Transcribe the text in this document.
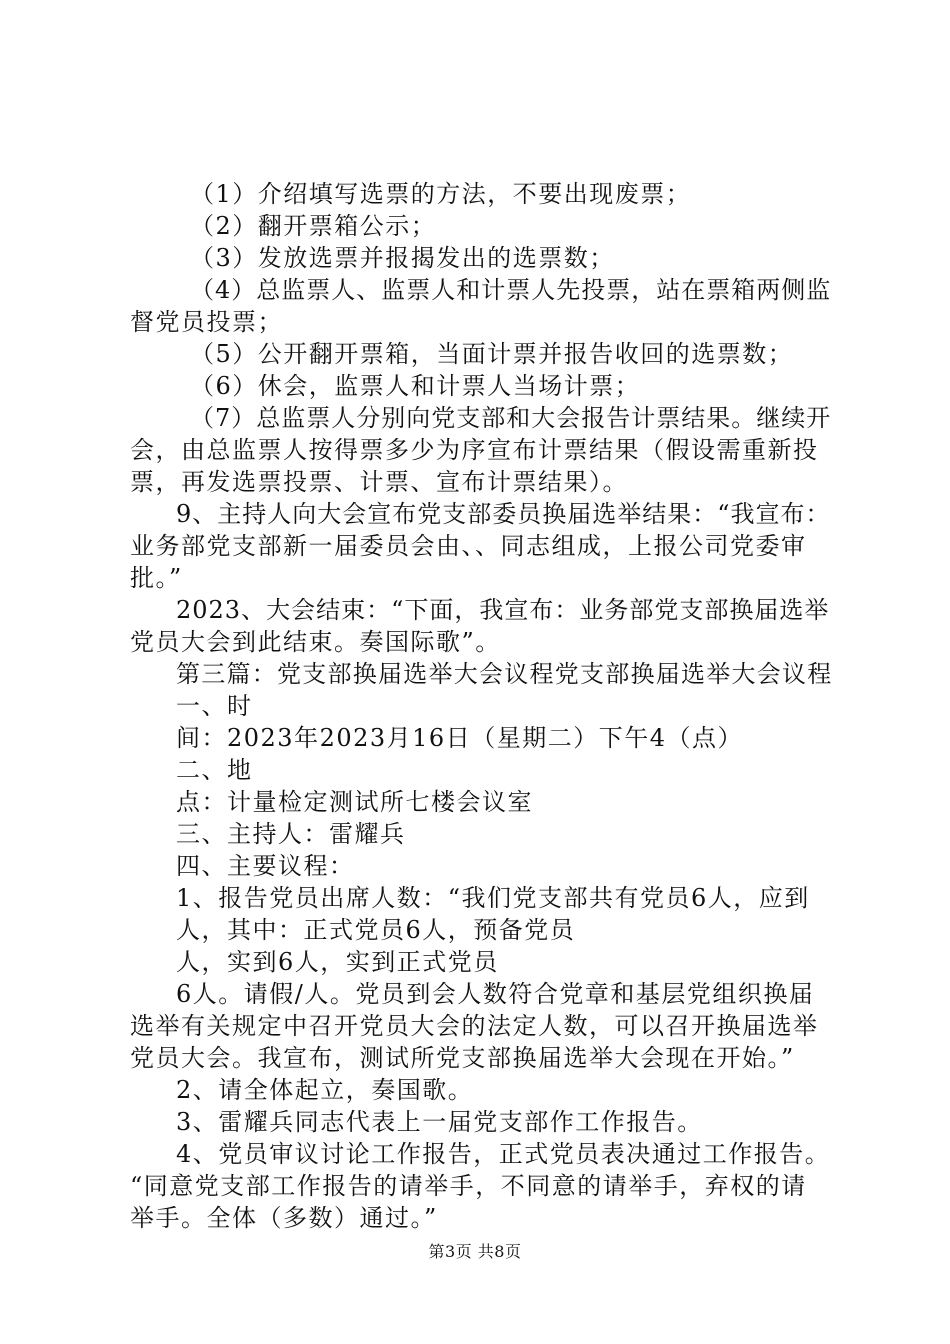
（1）介绍填写选票的方法，不要出现废票；
（2）翻开票箱公示；
（3）发放选票并报揭发出的选票数；
（4）总监票人、监票人和计票人先投票，站在票箱两侧监
督党员投票；
（5）公开翻开票箱，当面计票并报告收回的选票数；
（6）休会，监票人和计票人当场计票；
（7）总监票人分别向党支部和大会报告计票结果。继续开
会，由总监票人按得票多少为序宣布计票结果（假设需重新投
票，再发选票投票、计票、宣布计票结果）。
9、主持人向大会宣布党支部委员换届选举结果：“我宣布：
业务部党支部新一届委员会由、、同志组成，上报公司党委审
批。”
2023、大会结束：“下面，我宣布：业务部党支部换届选举
党员大会到此结束。奏国际歌”。
第三篇：党支部换届选举大会议程党支部换届选举大会议程
一、时
间：2023年2023月16日（星期二）下午4（点）
二、地
点：计量检定测试所七楼会议室
三、主持人：雷耀兵
四、主要议程：
1、报告党员出席人数：“我们党支部共有党员6人，应到
人，其中：正式党员6人，预备党员
人，实到6人，实到正式党员
6人。请假/人。党员到会人数符合党章和基层党组织换届
选举有关规定中召开党员大会的法定人数，可以召开换届选举
党员大会。我宣布，测试所党支部换届选举大会现在开始。”
2、请全体起立，奏国歌。
3、雷耀兵同志代表上一届党支部作工作报告。
4、党员审议讨论工作报告，正式党员表决通过工作报告。
“同意党支部工作报告的请举手，不同意的请举手，弃权的请
举手。全体（多数）通过。”
第3页 共8页
